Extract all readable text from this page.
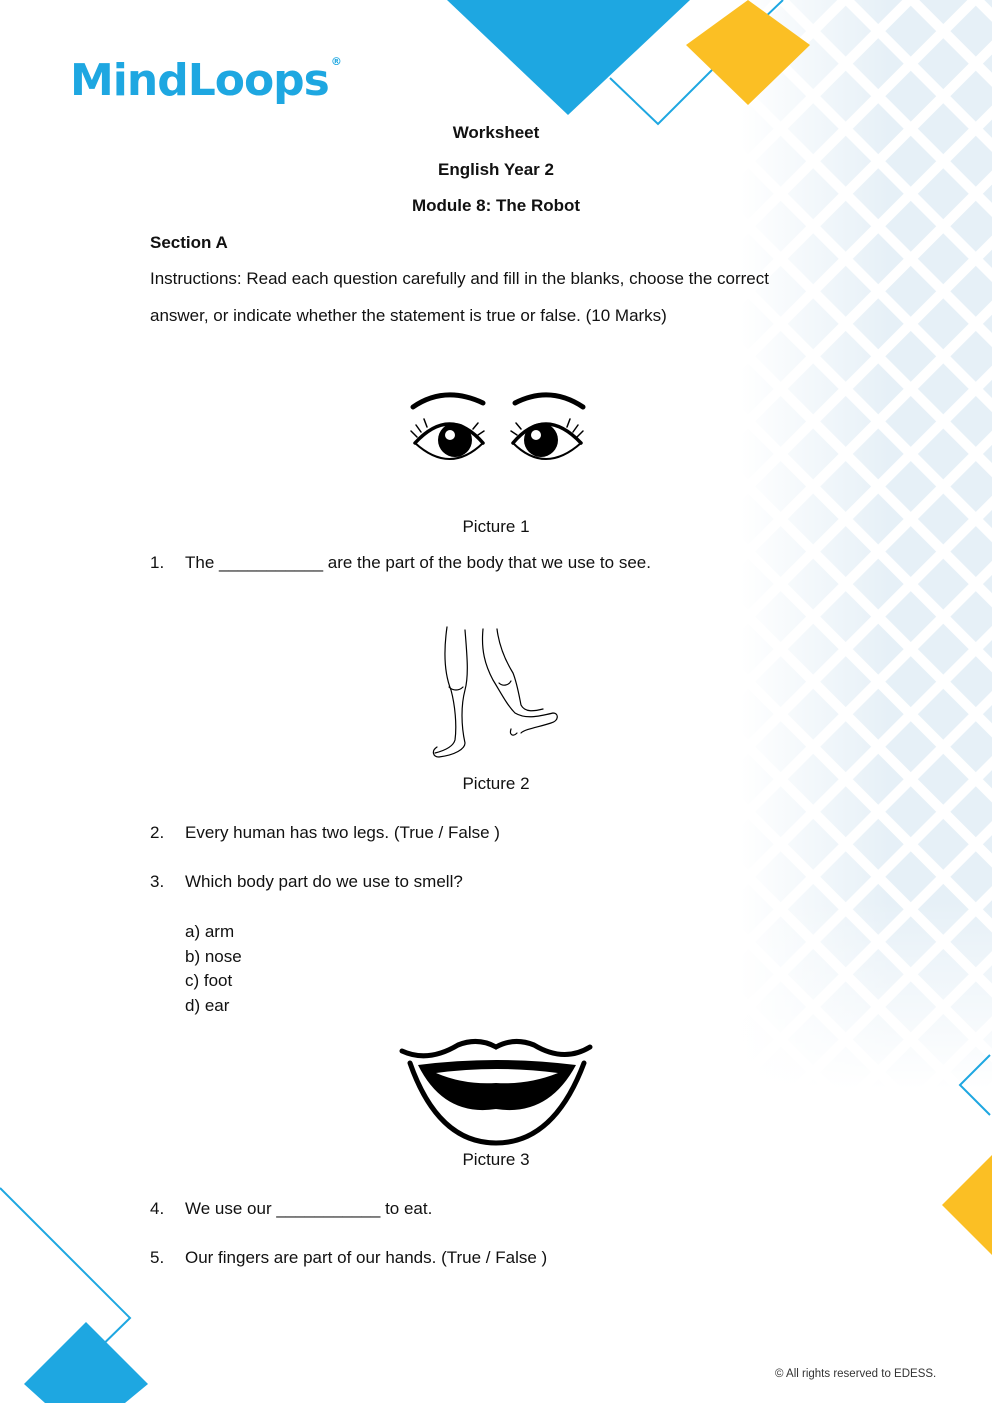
MindLoops ®
Worksheet
English Year 2
Module 8: The Robot
Section A
Instructions: Read each question carefully and fill in the blanks, choose the correct
answer, or indicate whether the statement is true or false. (10 Marks)
Picture 1
1. The ___________ are the part of the body that we use to see.
Picture 2
2. Every human has two legs. (True / False )
3. Which body part do we use to smell?
a) arm
b) nose
c) foot
d) ear
Picture 3
4. We use our ___________ to eat.
5. Our fingers are part of our hands. (True / False )
© All rights reserved to EDESS.
